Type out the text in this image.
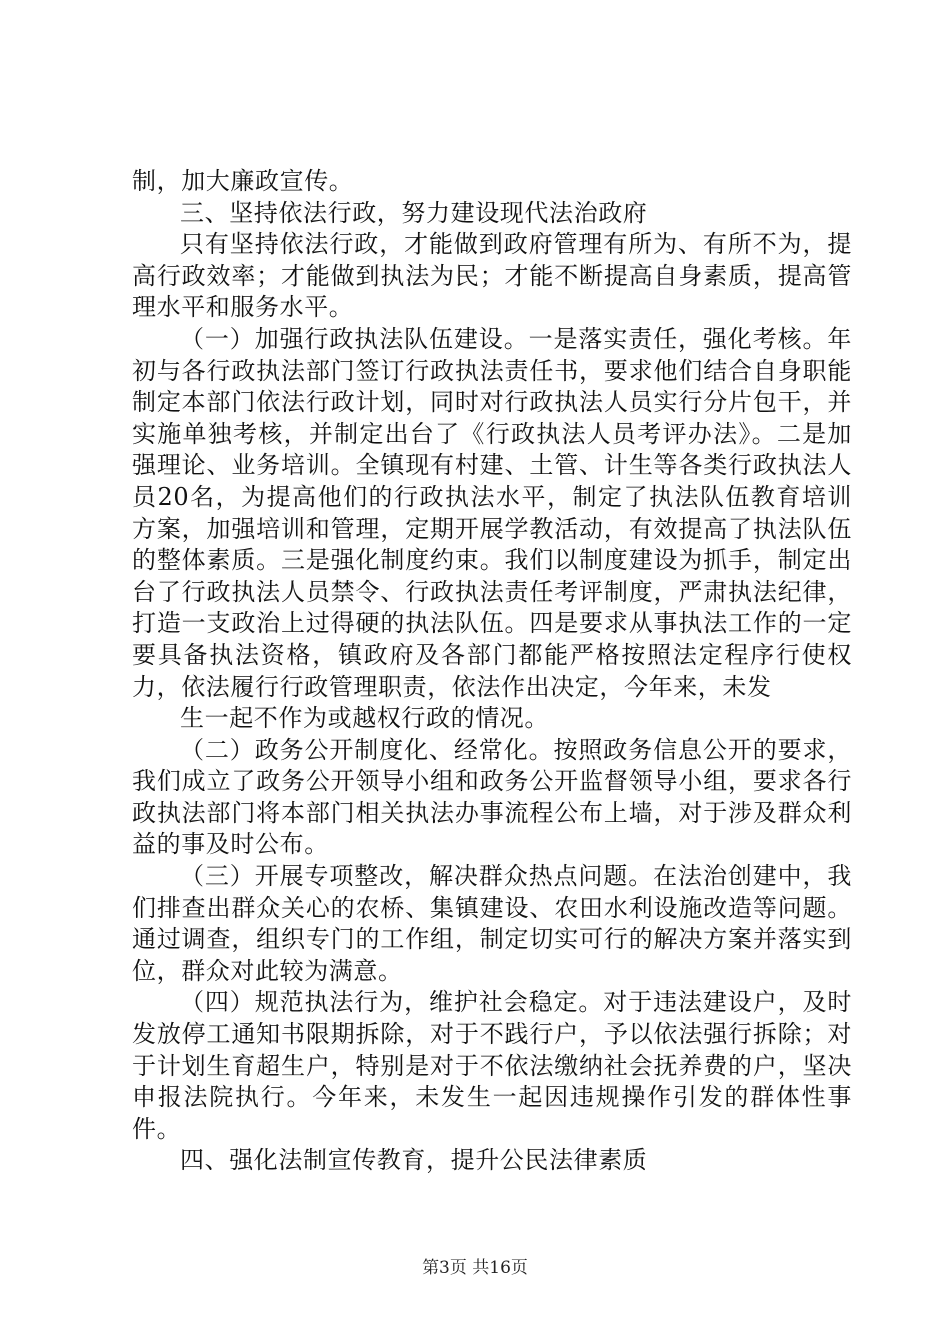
制，加大廉政宣传。

三、坚持依法行政，努力建设现代法治政府

只有坚持依法行政，才能做到政府管理有所为、有所不为，提高行政效率；才能做到执法为民；才能不断提高自身素质，提高管理水平和服务水平。

（一）加强行政执法队伍建设。一是落实责任，强化考核。年初与各行政执法部门签订行政执法责任书，要求他们结合自身职能制定本部门依法行政计划，同时对行政执法人员实行分片包干，并实施单独考核，并制定出台了《行政执法人员考评办法》。二是加强理论、业务培训。全镇现有村建、土管、计生等各类行政执法人员20名，为提高他们的行政执法水平，制定了执法队伍教育培训方案，加强培训和管理，定期开展学教活动，有效提高了执法队伍的整体素质。三是强化制度约束。我们以制度建设为抓手，制定出台了行政执法人员禁令、行政执法责任考评制度，严肃执法纪律，打造一支政治上过得硬的执法队伍。四是要求从事执法工作的一定要具备执法资格，镇政府及各部门都能严格按照法定程序行使权力，依法履行行政管理职责，依法作出决定，今年来，未发

生一起不作为或越权行政的情况。

（二）政务公开制度化、经常化。按照政务信息公开的要求，我们成立了政务公开领导小组和政务公开监督领导小组，要求各行政执法部门将本部门相关执法办事流程公布上墙，对于涉及群众利益的事及时公布。

（三）开展专项整改，解决群众热点问题。在法治创建中，我们排查出群众关心的农桥、集镇建设、农田水利设施改造等问题。通过调查，组织专门的工作组，制定切实可行的解决方案并落实到位，群众对此较为满意。

（四）规范执法行为，维护社会稳定。对于违法建设户，及时发放停工通知书限期拆除，对于不践行户，予以依法强行拆除；对于计划生育超生户，特别是对于不依法缴纳社会抚养费的户，坚决申报法院执行。今年来，未发生一起因违规操作引发的群体性事件。

四、强化法制宣传教育，提升公民法律素质

第3页 共16页
